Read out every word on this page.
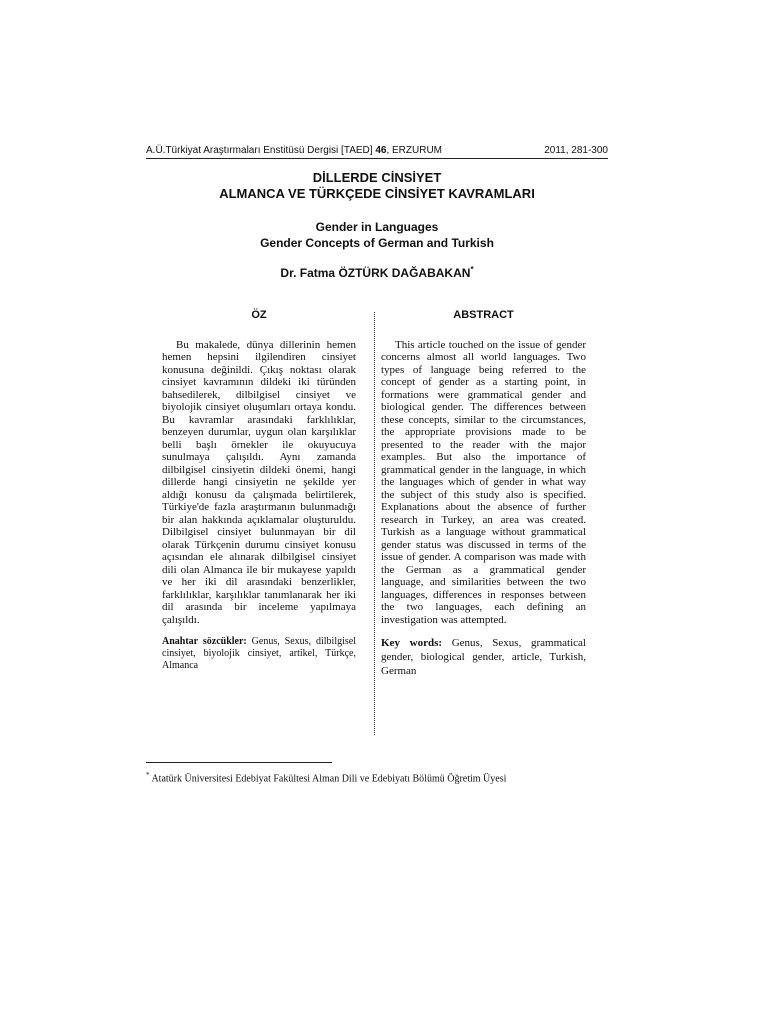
A.Ü.Türkiyat Araştırmaları Enstitüsü Dergisi [TAED] 46, ERZURUM	2011, 281-300
DİLLERDE CİNSİYET
ALMANCA VE TÜRKÇEDE CİNSİYET KAVRAMLARI
Gender in Languages
Gender Concepts of German and Turkish
Dr. Fatma ÖZTÜRK DAĞABAKAN*
ÖZ

Bu makalede, dünya dillerinin hemen hemen hepsini ilgilendiren cinsiyet konusuna değinildi. Çıkış noktası olarak cinsiyet kavramının dildeki iki türünden bahsedilerek, dilbilgisel cinsiyet ve biyolojik cinsiyet oluşumları ortaya kondu. Bu kavramlar arasındaki farklılıklar, benzeyen durumlar, uygun olan karşılıklar belli başlı örnekler ile okuyucuya sunulmaya çalışıldı. Aynı zamanda dilbilgisel cinsiyetin dildeki önemi, hangi dillerde hangi cinsiyetin ne şekilde yer aldığı konusu da çalışmada belirtilerek, Türkiye'de fazla araştırmanın bulunmadığı bir alan hakkında açıklamalar oluşturuldu. Dilbilgisel cinsiyet bulunmayan bir dil olarak Türkçenin durumu cinsiyet konusu açısından ele alınarak dilbilgisel cinsiyet dili olan Almanca ile bir mukayese yapıldı ve her iki dil arasındaki benzerlikler, farklılıklar, karşılıklar tanımlanarak her iki dil arasında bir inceleme yapılmaya çalışıldı.

Anahtar sözcükler: Genus, Sexus, dilbilgisel cinsiyet, biyolojik cinsiyet, artikel, Türkçe, Almanca
ABSTRACT

This article touched on the issue of gender concerns almost all world languages. Two types of language being referred to the concept of gender as a starting point, in formations were grammatical gender and biological gender. The differences between these concepts, similar to the circumstances, the appropriate provisions made to be presented to the reader with the major examples. But also the importance of grammatical gender in the language, in which the languages which of gender in what way the subject of this study also is specified. Explanations about the absence of further research in Turkey, an area was created. Turkish as a language without grammatical gender status was discussed in terms of the issue of gender. A comparison was made with the German as a grammatical gender language, and similarities between the two languages, differences in responses between the two languages, each defining an investigation was attempted.

Key words: Genus, Sexus, grammatical gender, biological gender, article, Turkish, German
* Atatürk Üniversitesi Edebiyat Fakültesi Alman Dili ve Edebiyatı Bölümü Öğretim Üyesi
